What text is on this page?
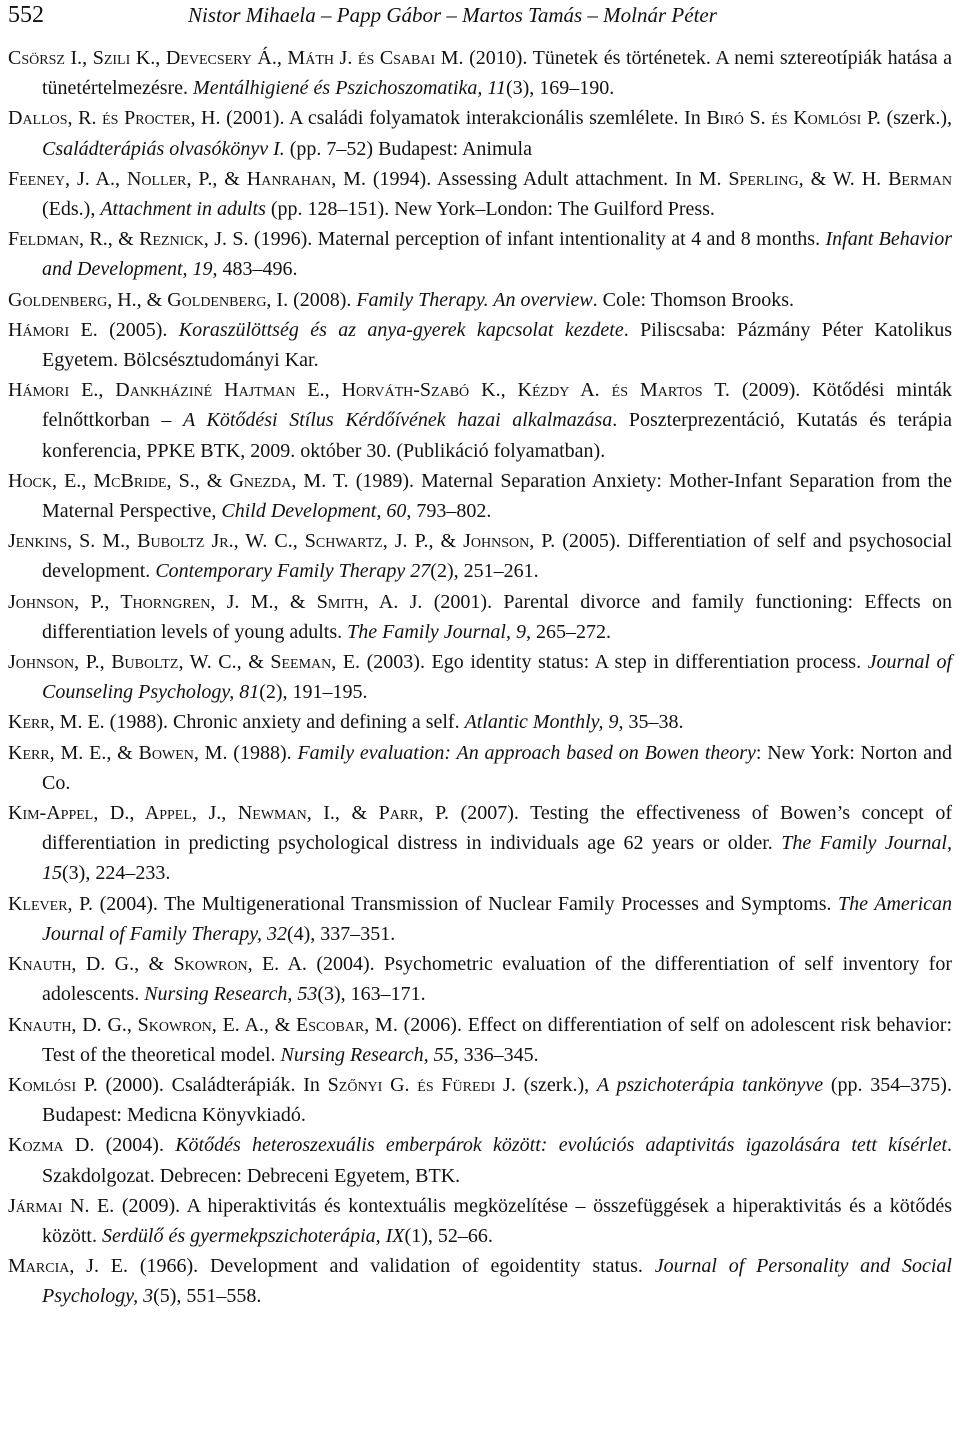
552	Nistor Mihaela – Papp Gábor – Martos Tamás – Molnár Péter
Csörsz I., Szili K., Devecsery Á., Máth J. és Csabai M. (2010). Tünetek és történetek. A nemi sztereotípiák hatása a tünetértelmezésre. Mentálhigiené és Pszichoszomatika, 11(3), 169–190.
Dallos, R. és Procter, H. (2001). A családi folyamatok interakcionális szemlélete. In Biró S. és Komlósi P. (szerk.), Családterápiás olvasókönyv I. (pp. 7–52) Budapest: Animula
Feeney, J. A., Noller, P., & Hanrahan, M. (1994). Assessing Adult attachment. In M. Sperling, & W. H. Berman (Eds.), Attachment in adults (pp. 128–151). New York–London: The Guilford Press.
Feldman, R., & Reznick, J. S. (1996). Maternal perception of infant intentionality at 4 and 8 months. Infant Behavior and Development, 19, 483–496.
Goldenberg, H., & Goldenberg, I. (2008). Family Therapy. An overview. Cole: Thomson Brooks.
Hámori E. (2005). Koraszülöttség és az anya-gyerek kapcsolat kezdete. Piliscsaba: Pázmány Péter Katolikus Egyetem. Bölcsésztudományi Kar.
Hámori E., Dankháziné Hajtman E., Horváth-Szabó K., Kézdy A. és Martos T. (2009). Kötődési minták felnőttkorban – A Kötődési Stílus Kérdőívének hazai alkalmazása. Poszterprezentáció, Kutatás és terápia konferencia, PPKE BTK, 2009. október 30. (Publikáció folyamatban).
Hock, E., McBride, S., & Gnezda, M. T. (1989). Maternal Separation Anxiety: Mother-Infant Separation from the Maternal Perspective, Child Development, 60, 793–802.
Jenkins, S. M., Buboltz Jr., W. C., Schwartz, J. P., & Johnson, P. (2005). Differentiation of self and psychosocial development. Contemporary Family Therapy 27(2), 251–261.
Johnson, P., Thorngren, J. M., & Smith, A. J. (2001). Parental divorce and family functioning: Effects on differentiation levels of young adults. The Family Journal, 9, 265–272.
Johnson, P., Buboltz, W. C., & Seeman, E. (2003). Ego identity status: A step in differentiation process. Journal of Counseling Psychology, 81(2), 191–195.
Kerr, M. E. (1988). Chronic anxiety and defining a self. Atlantic Monthly, 9, 35–38.
Kerr, M. E., & Bowen, M. (1988). Family evaluation: An approach based on Bowen theory: New York: Norton and Co.
Kim-Appel, D., Appel, J., Newman, I., & Parr, P. (2007). Testing the effectiveness of Bowen’s concept of differentiation in predicting psychological distress in individuals age 62 years or older. The Family Journal, 15(3), 224–233.
Klever, P. (2004). The Multigenerational Transmission of Nuclear Family Processes and Symptoms. The American Journal of Family Therapy, 32(4), 337–351.
Knauth, D. G., & Skowron, E. A. (2004). Psychometric evaluation of the differentiation of self inventory for adolescents. Nursing Research, 53(3), 163–171.
Knauth, D. G., Skowron, E. A., & Escobar, M. (2006). Effect on differentiation of self on adolescent risk behavior: Test of the theoretical model. Nursing Research, 55, 336–345.
Komlósi P. (2000). Családterápiák. In Szőnyi G. és Füredi J. (szerk.), A pszichoterápia tankönyve (pp. 354–375). Budapest: Medicna Könyvkiadó.
Kozma D. (2004). Kötődés heteroszexuális emberpárok között: evolúciós adaptivitás igazolására tett kísérlet. Szakdolgozat. Debrecen: Debreceni Egyetem, BTK.
Jármai N. E. (2009). A hiperaktivitás és kontextuális megközelítése – összefüggések a hiperaktivitás és a kötődés között. Serdülő és gyermekpszichoterápia, IX(1), 52–66.
Marcia, J. E. (1966). Development and validation of egoidentity status. Journal of Personality and Social Psychology, 3(5), 551–558.
